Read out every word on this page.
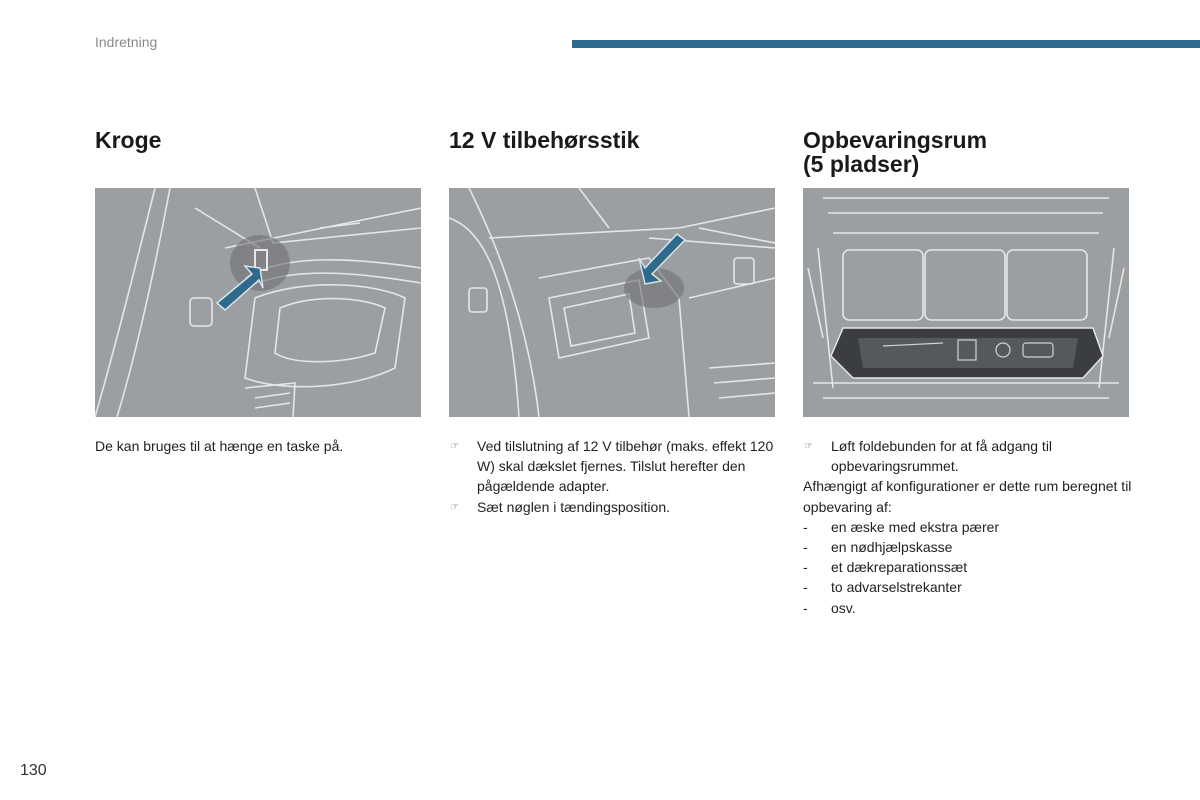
Indretning
Kroge
De kan bruges til at hænge en taske på.
12 V tilbehørsstik
☞ Ved tilslutning af 12 V tilbehør (maks. effekt 120 W) skal dækslet fjernes. Tilslut herefter den pågældende adapter.
☞ Sæt nøglen i tændingsposition.
Opbevaringsrum
(5 pladser)
☞ Løft foldebunden for at få adgang til opbevaringsrummet.
Afhængigt af konfigurationer er dette rum beregnet til opbevaring af:
- en æske med ekstra pærer
- en nødhjælpskasse
- et dækreparationssæt
- to advarselstrekanter
- osv.
130
